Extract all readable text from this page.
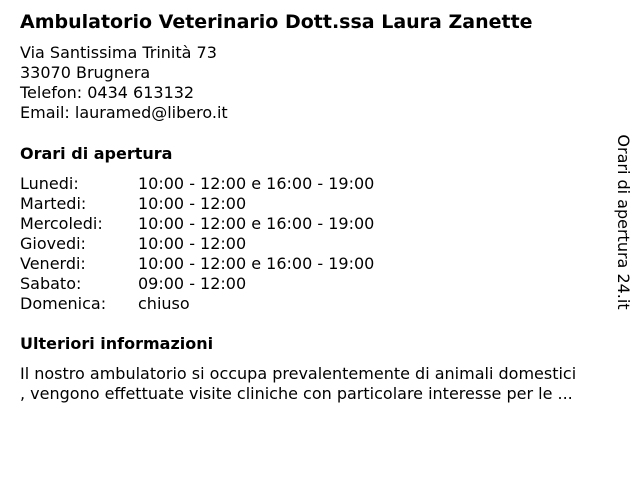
Ambulatorio Veterinario Dott.ssa Laura Zanette
Via Santissima Trinità 73
33070 Brugnera
Telefon: 0434 613132
Email: lauramed@libero.it
Orari di apertura
Lunedi:	10:00 - 12:00 e 16:00 - 19:00
Martedi:	10:00 - 12:00
Mercoledi:	10:00 - 12:00 e 16:00 - 19:00
Giovedi:	10:00 - 12:00
Venerdi:	10:00 - 12:00 e 16:00 - 19:00
Sabato:	09:00 - 12:00
Domenica:	chiuso
Ulteriori informazioni
Il nostro ambulatorio si occupa prevalentemente di animali domestici
, vengono effettuate visite cliniche con particolare interesse per le ...
Orari di apertura 24.it
